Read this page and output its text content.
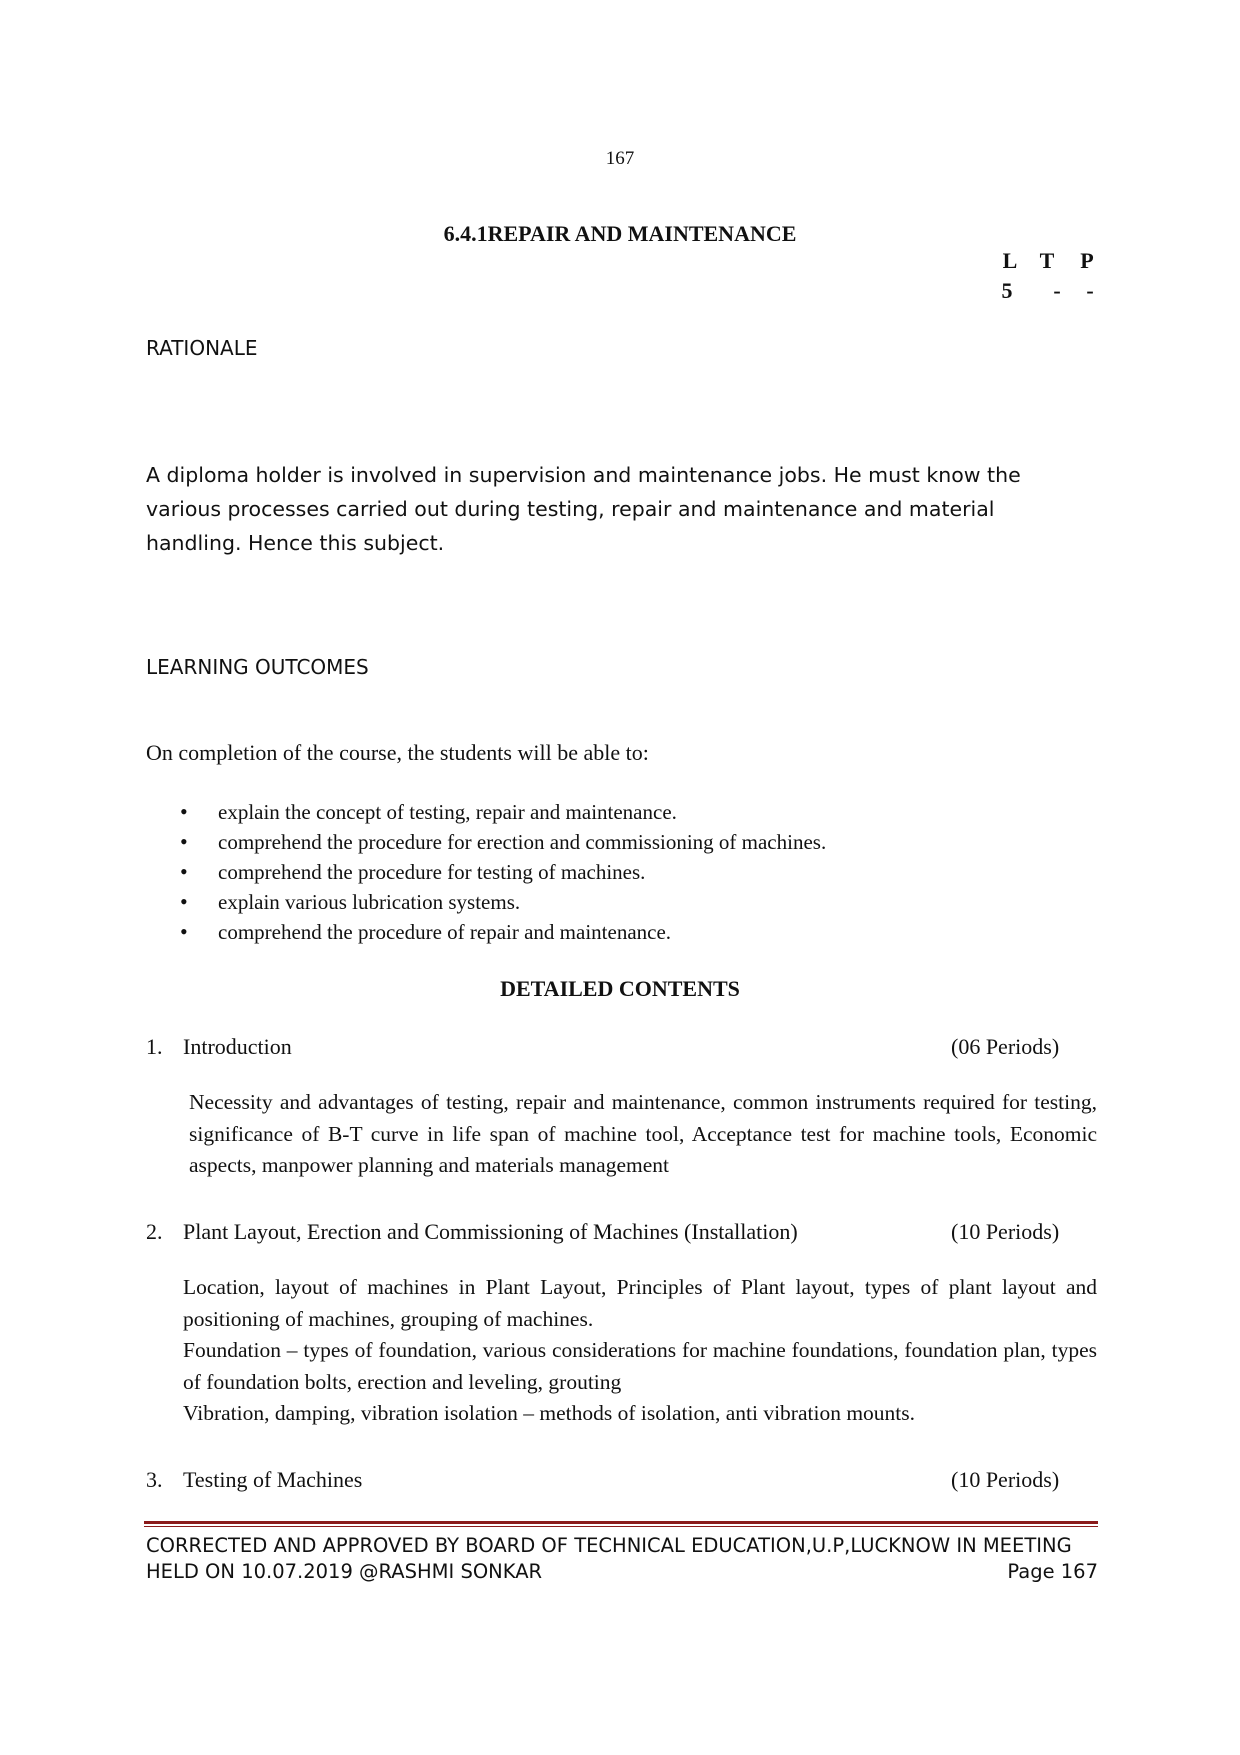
167
6.4.1REPAIR AND MAINTENANCE
L T P
5 - -
RATIONALE
A diploma holder is involved in supervision and maintenance jobs. He must know the various processes carried out during testing, repair and maintenance and material handling. Hence this subject.
LEARNING OUTCOMES
On completion of the course, the students will be able to:
• explain the concept of testing, repair and maintenance.
• comprehend the procedure for erection and commissioning of machines.
• comprehend the procedure for testing of machines.
• explain various lubrication systems.
• comprehend the procedure of repair and maintenance.
DETAILED CONTENTS
1. Introduction	(06 Periods)
Necessity and advantages of testing, repair and maintenance, common instruments required for testing, significance of B-T curve in life span of machine tool, Acceptance test for machine tools, Economic aspects, manpower planning and materials management
2. Plant Layout, Erection and Commissioning of Machines (Installation)	(10 Periods)
Location, layout of machines in Plant Layout, Principles of Plant layout, types of plant layout and positioning of machines, grouping of machines.
Foundation – types of foundation, various considerations for machine foundations, foundation plan, types of foundation bolts, erection and leveling, grouting
Vibration, damping, vibration isolation – methods of isolation, anti vibration mounts.
3. Testing of Machines	(10 Periods)
CORRECTED AND APPROVED BY BOARD OF TECHNICAL EDUCATION,U.P,LUCKNOW IN MEETING
HELD ON 10.07.2019 @RASHMI SONKAR	Page 167
